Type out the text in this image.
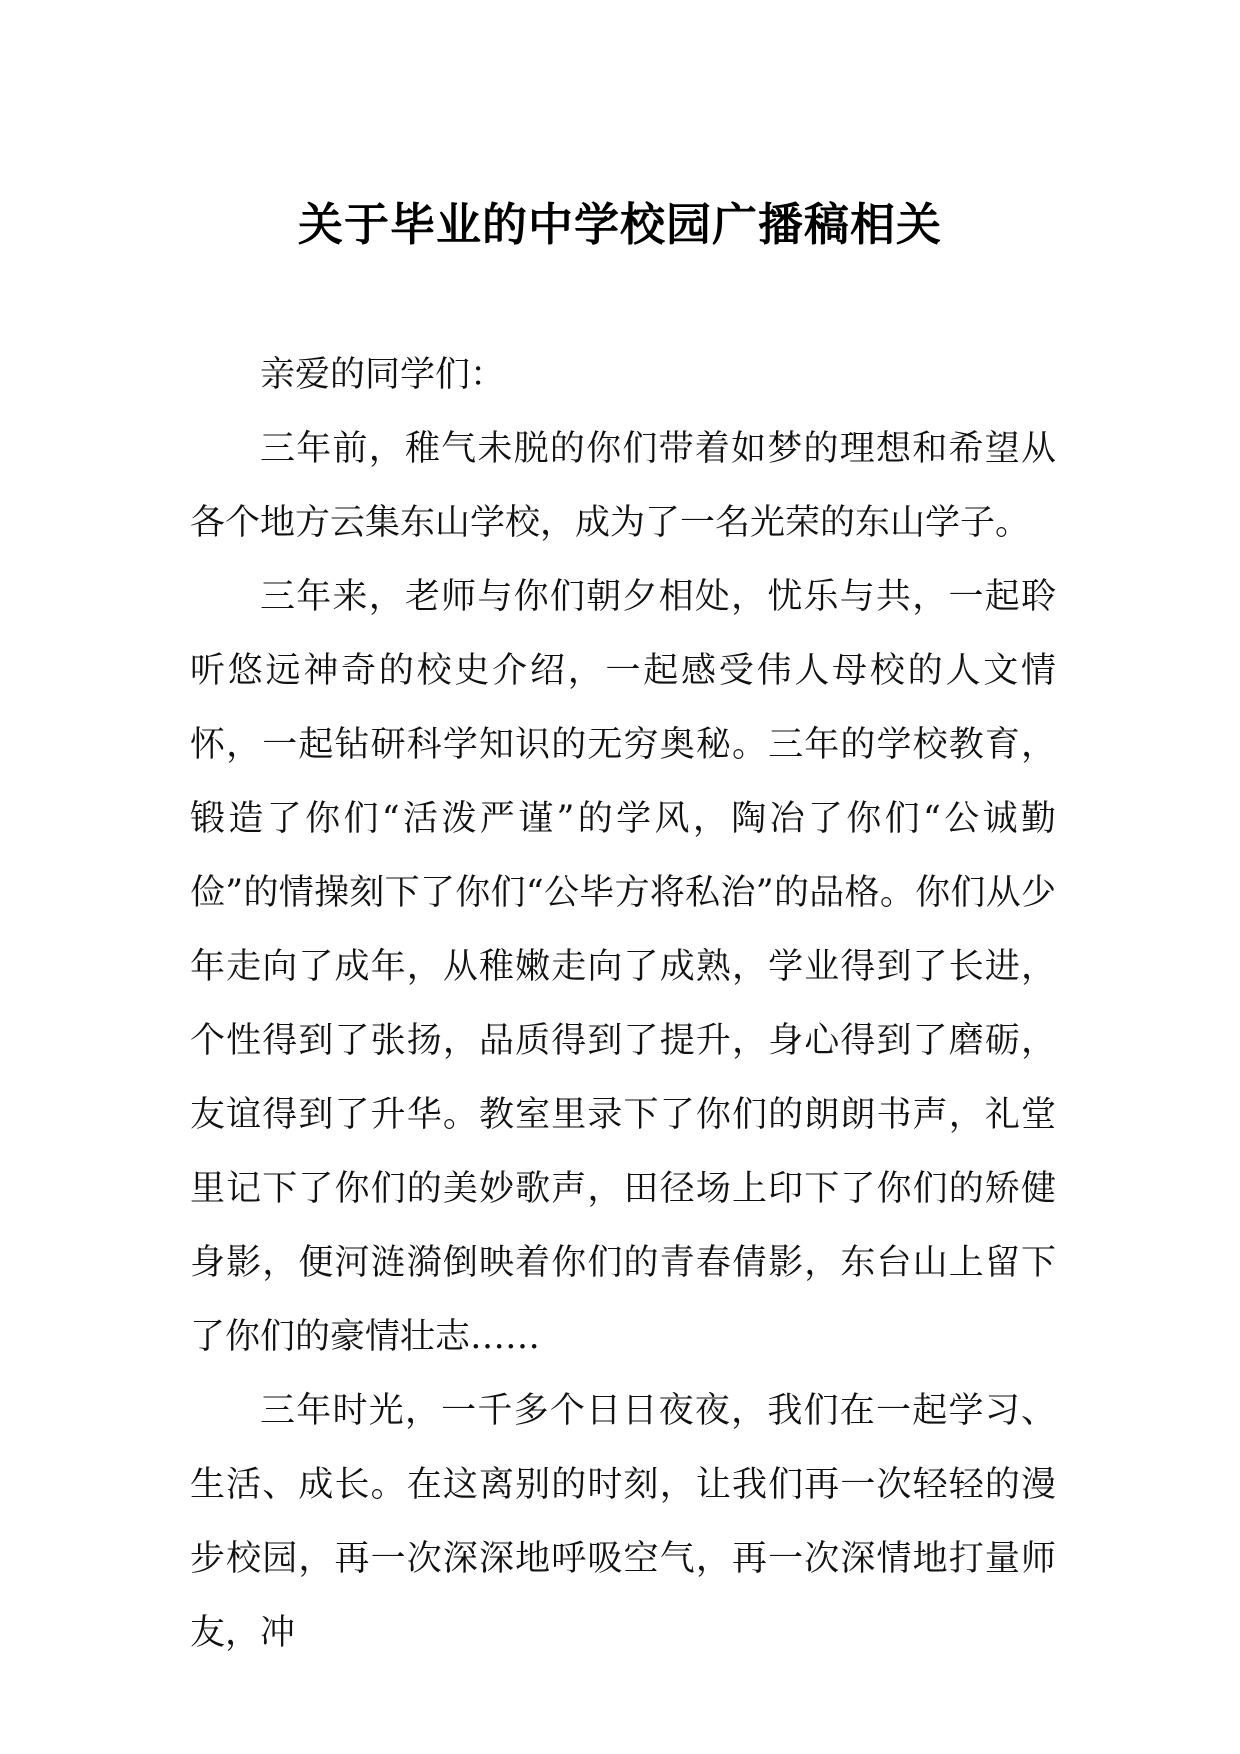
关于毕业的中学校园广播稿相关

亲爱的同学们：

三年前，稚气未脱的你们带着如梦的理想和希望从各个地方云集东山学校，成为了一名光荣的东山学子。

三年来，老师与你们朝夕相处，忧乐与共，一起聆听悠远神奇的校史介绍，一起感受伟人母校的人文情怀，一起钻研科学知识的无穷奥秘。三年的学校教育，锻造了你们“活泼严谨”的学风，陶冶了你们“公诚勤俭”的情操刻下了你们“公毕方将私治”的品格。你们从少年走向了成年，从稚嫩走向了成熟，学业得到了长进，个性得到了张扬，品质得到了提升，身心得到了磨砺，友谊得到了升华。教室里录下了你们的朗朗书声，礼堂里记下了你们的美妙歌声，田径场上印下了你们的矫健身影，便河涟漪倒映着你们的青春倩影，东台山上留下了你们的豪情壮志……

三年时光，一千多个日日夜夜，我们在一起学习、生活、成长。在这离别的时刻，让我们再一次轻轻的漫步校园，再一次深深地呼吸空气，再一次深情地打量师友，冲
